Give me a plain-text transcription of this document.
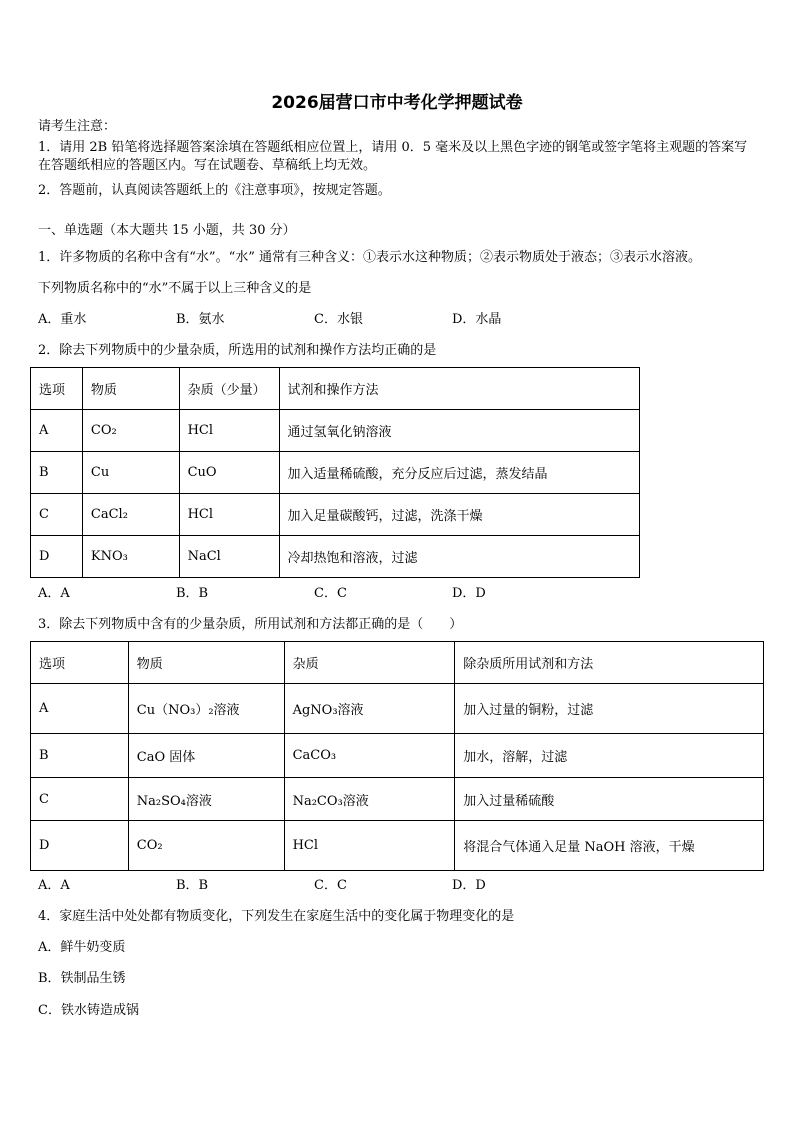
2026届营口市中考化学押题试卷
请考生注意：
1．请用 2B 铅笔将选择题答案涂填在答题纸相应位置上，请用 0．5 毫米及以上黑色字迹的钢笔或签字笔将主观题的答案写在答题纸相应的答题区内。写在试题卷、草稿纸上均无效。
2．答题前，认真阅读答题纸上的《注意事项》，按规定答题。
一、单选题（本大题共 15 小题，共 30 分）
1．许多物质的名称中含有“水”。“水” 通常有三种含义：①表示水这种物质；②表示物质处于液态；③表示水溶液。
下列物质名称中的“水”不属于以上三种含义的是
A．重水	B．氨水	C．水银	D．水晶
2．除去下列物质中的少量杂质，所选用的试剂和操作方法均正确的是
选项	物质	杂质（少量）	试剂和操作方法
A	CO₂	HCl	通过氢氧化钠溶液
B	Cu	CuO	加入适量稀硫酸，充分反应后过滤，蒸发结晶
C	CaCl₂	HCl	加入足量碳酸钙，过滤，洗涤干燥
D	KNO₃	NaCl	冷却热饱和溶液，过滤
A．A	B．B	C．C	D．D
3．除去下列物质中含有的少量杂质，所用试剂和方法都正确的是（　　）
选项	物质	杂质	除杂质所用试剂和方法
A	Cu（NO₃）₂溶液	AgNO₃溶液	加入过量的铜粉，过滤
B	CaO 固体	CaCO₃	加水，溶解，过滤
C	Na₂SO₄溶液	Na₂CO₃溶液	加入过量稀硫酸
D	CO₂	HCl	将混合气体通入足量 NaOH 溶液，干燥
A．A	B．B	C．C	D．D
4．家庭生活中处处都有物质变化，下列发生在家庭生活中的变化属于物理变化的是
A．鲜牛奶变质
B．铁制品生锈
C．铁水铸造成锅
